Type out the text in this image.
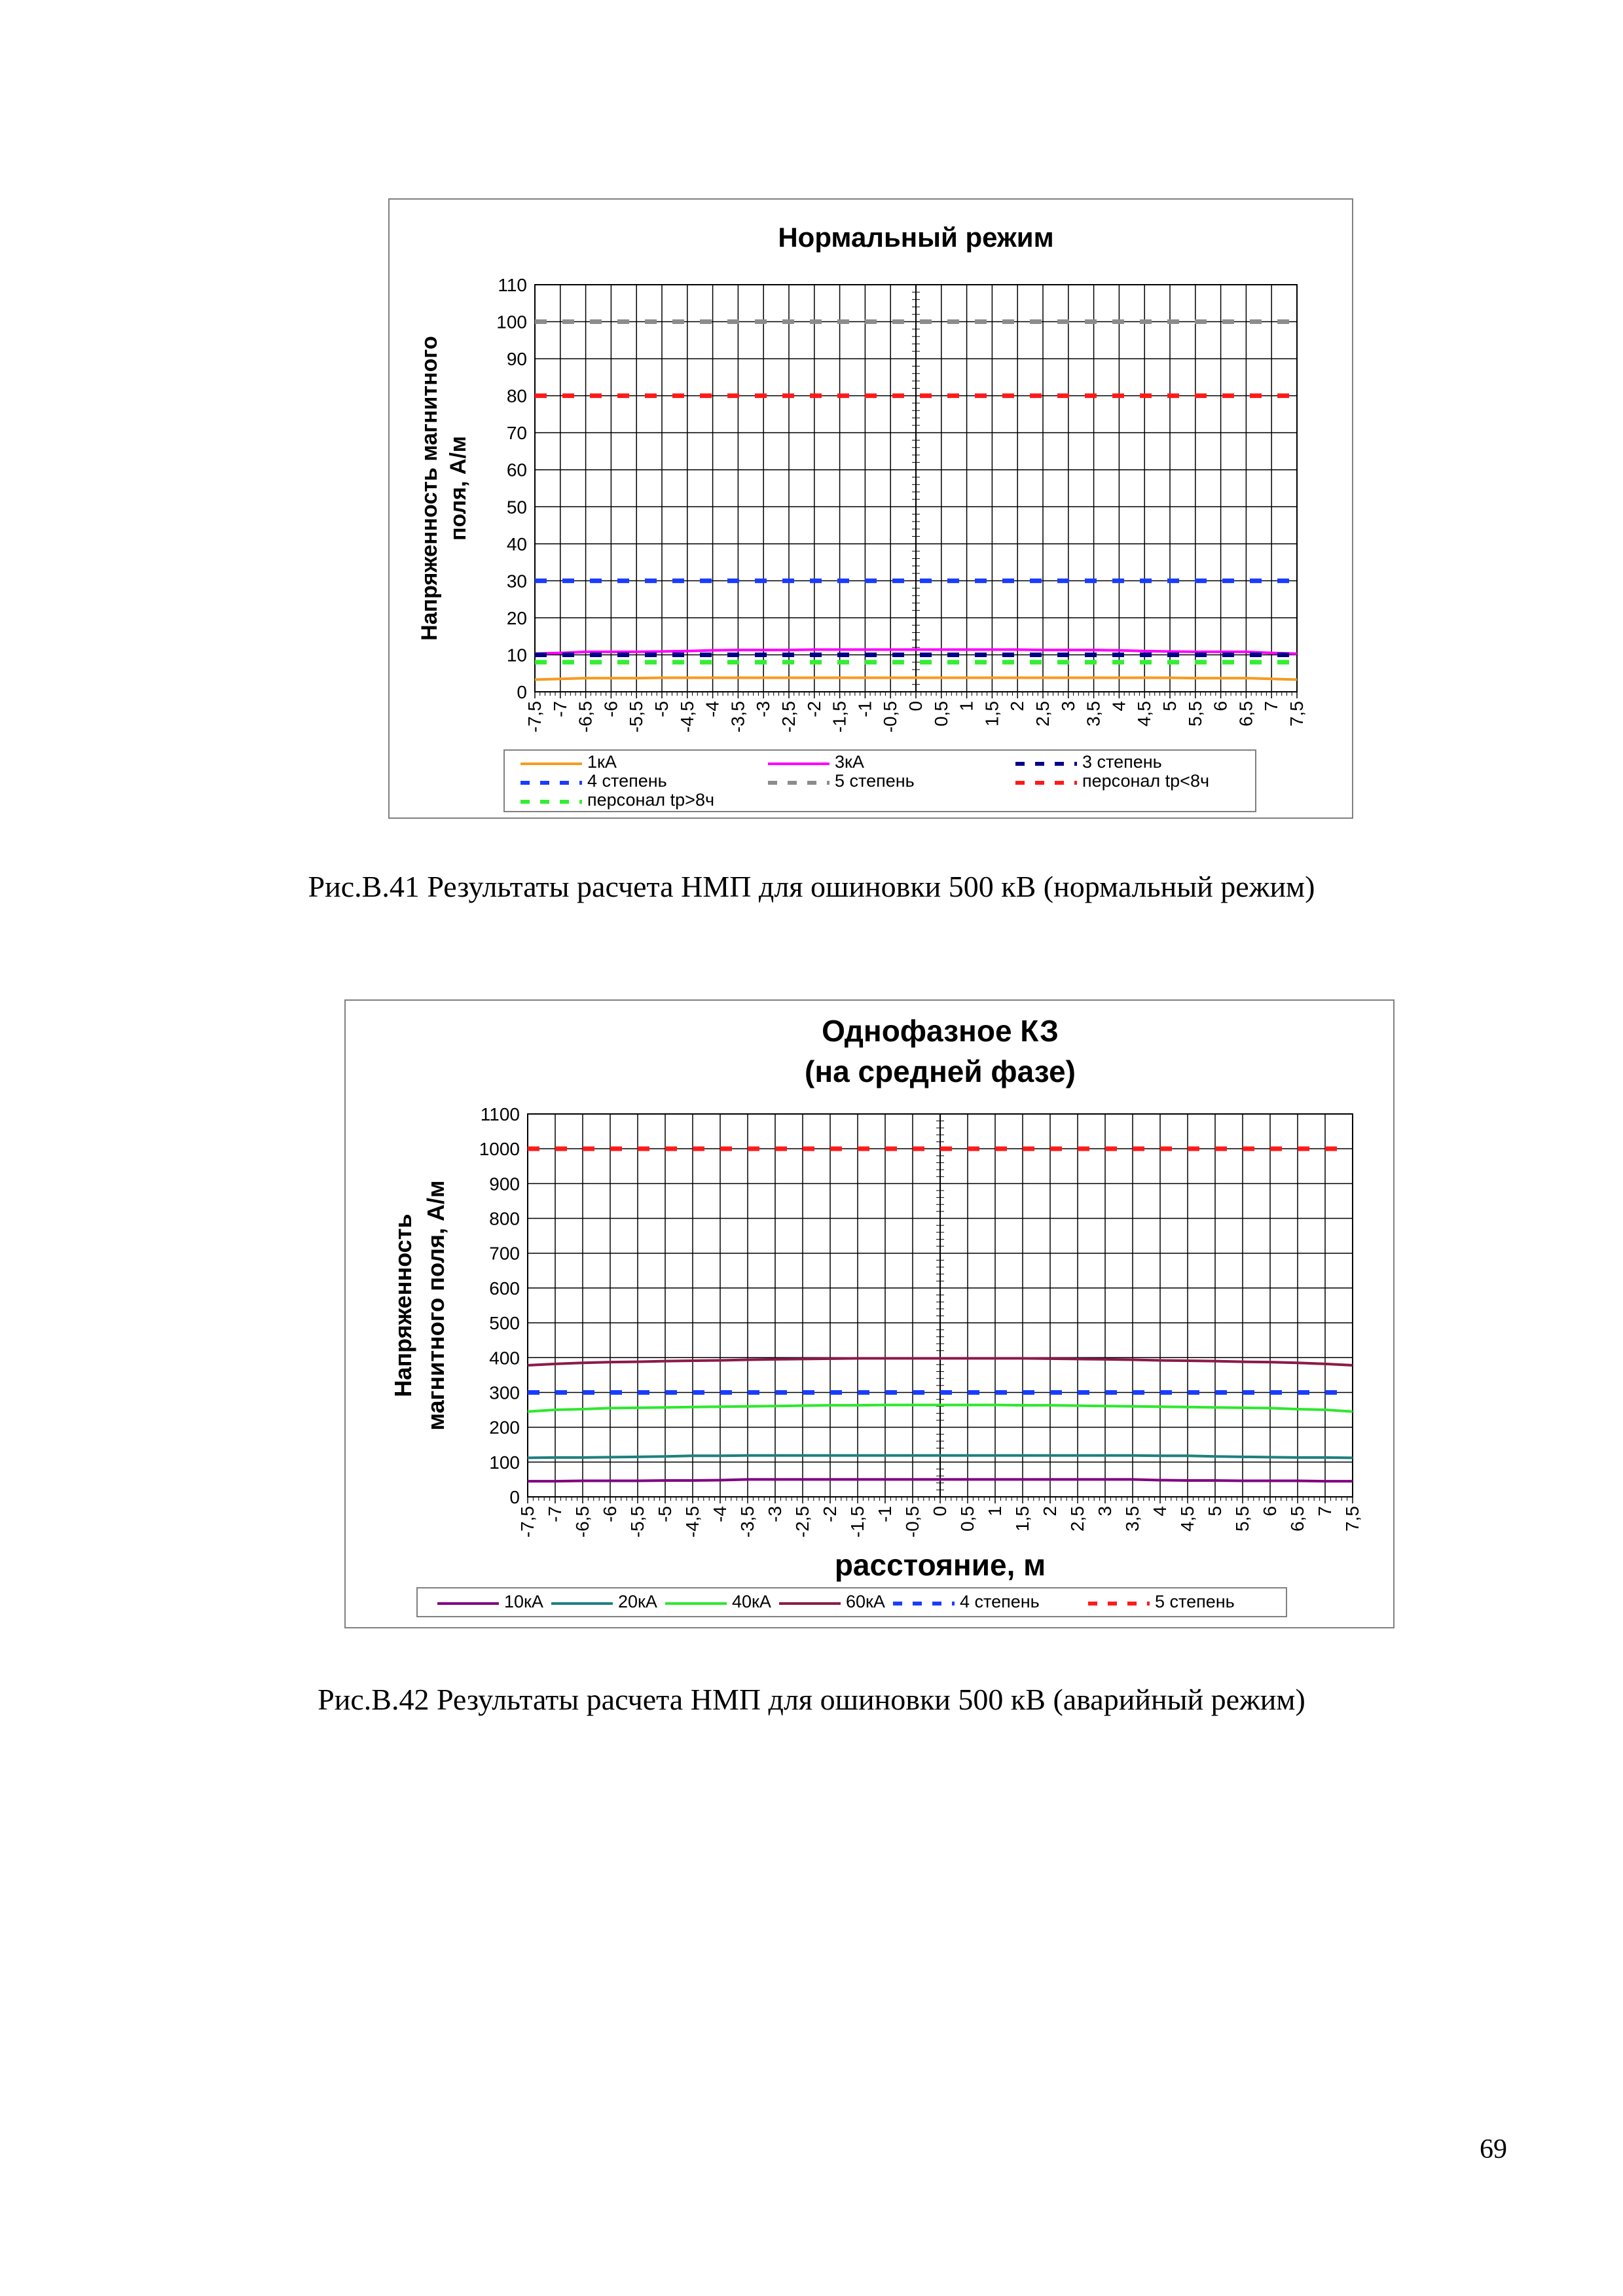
Нормальный режим
0
10
20
30
40
50
60
70
80
90
100
110
-7,5 -7 -6,5 -6 -5,5 -5 -4,5 -4 -3,5 -3 -2,5 -2 -1,5 -1 -0,5 0 0,5 1 1,5 2 2,5 3 3,5 4 4,5 5 5,5 6 6,5 7 7,5
Напряженность магнитного поля, А/м
1кА	3кА	3 степень
4 степень	5 степень	персонал tр<8ч
персонал tр>8ч
Рис.В.41 Результаты расчета НМП для ошиновки 500 кВ (нормальный режим)
Однофазное КЗ
(на средней фазе)
0
100
200
300
400
500
600
700
800
900
1000
1100
-7,5 -7 -6,5 -6 -5,5 -5 -4,5 -4 -3,5 -3 -2,5 -2 -1,5 -1 -0,5 0 0,5 1 1,5 2 2,5 3 3,5 4 4,5 5 5,5 6 6,5 7 7,5
Напряженность магнитного поля, А/м
расстояние, м
10кА	20кА	40кА	60кА	4 степень	5 степень
Рис.В.42 Результаты расчета НМП для ошиновки 500 кВ (аварийный режим)
69
